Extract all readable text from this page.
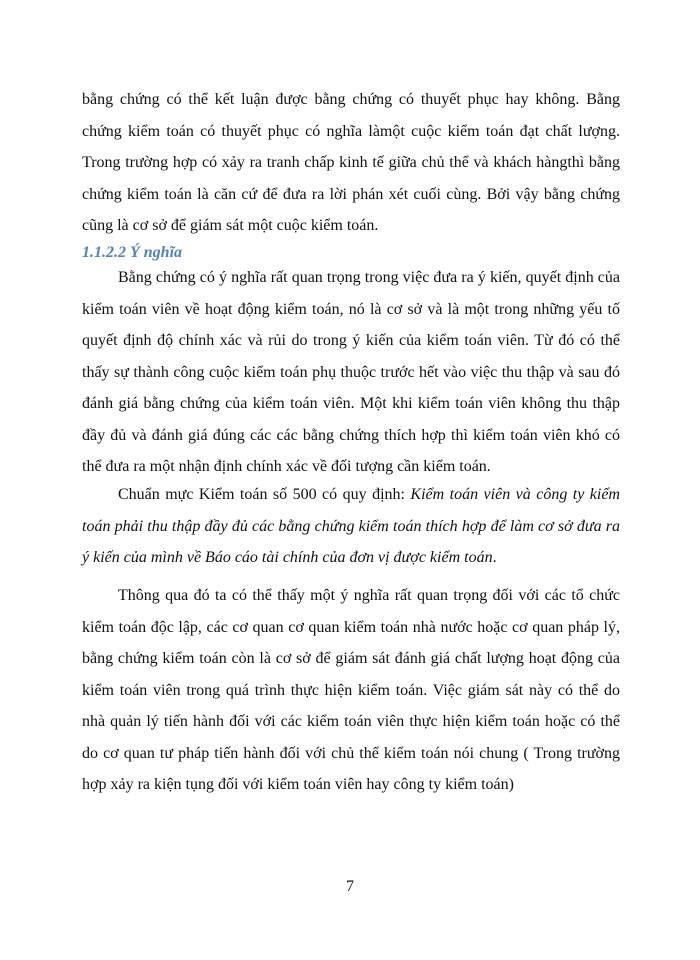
bằng chứng có thể kết luận được bằng chứng có thuyết phục hay không. Bằng
chứng kiểm toán có thuyết phục có nghĩa làmột cuộc kiểm toán đạt chất lượng.
Trong trường hợp có xảy ra tranh chấp kinh tế giữa chủ thể và khách hàngthì bằng
chứng kiểm toán là căn cứ để đưa ra lời phán xét cuối cùng. Bởi vậy bằng chứng
cũng là cơ sở để giám sát một cuộc kiểm toán.

1.1.2.2 Ý nghĩa

Bằng chứng có ý nghĩa rất quan trọng trong việc đưa ra ý kiến, quyết định của
kiểm toán viên về hoạt động kiểm toán, nó là cơ sở và là một trong những yếu tố
quyết định độ chính xác và rủi do trong ý kiến của kiểm toán viên. Từ đó có thể
thấy sự thành công cuộc kiểm toán phụ thuộc trước hết vào việc thu thập và sau đó
đánh giá bằng chứng của kiểm toán viên. Một khi kiểm toán viên không thu thập
đầy đủ và đánh giá đúng các các bằng chứng thích hợp thì kiểm toán viên khó có
thể đưa ra một nhận định chính xác về đối tượng cần kiểm toán.

Chuẩn mực Kiểm toán số 500 có quy định: Kiểm toán viên và công ty kiểm
toán phải thu thập đầy đủ các bằng chứng kiểm toán thích hợp để làm cơ sở đưa ra
ý kiến của mình về Báo cáo tài chính của đơn vị được kiểm toán.

Thông qua đó ta có thể thấy một ý nghĩa rất quan trọng đối với các tổ chức
kiểm toán độc lập, các cơ quan cơ quan kiểm toán nhà nước hoặc cơ quan pháp lý,
bằng chứng kiểm toán còn là cơ sở để giám sát đánh giá chất lượng hoạt động của
kiểm toán viên trong quá trình thực hiện kiểm toán. Việc giám sát này có thể do
nhà quản lý tiến hành đối với các kiểm toán viên thực hiện kiểm toán hoặc có thể
do cơ quan tư pháp tiến hành đối với chủ thể kiểm toán nói chung ( Trong trường
hợp xảy ra kiện tụng đối với kiểm toán viên hay công ty kiểm toán)

7
